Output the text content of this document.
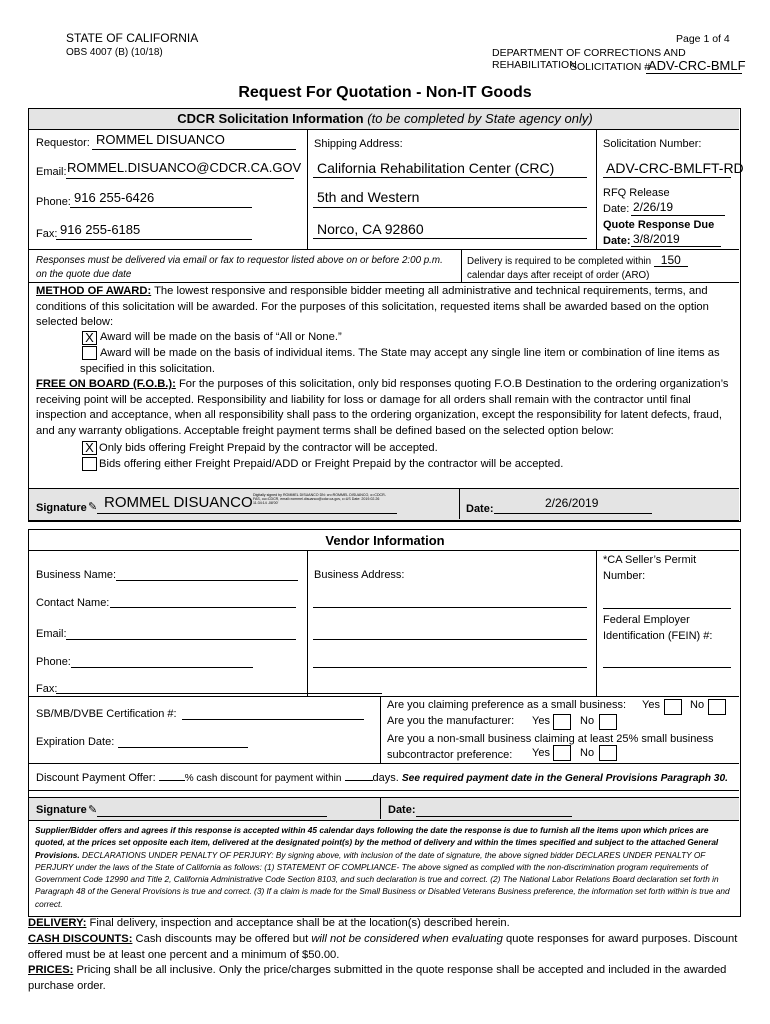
STATE OF CALIFORNIA
OBS 4007 (B) (10/18)
Page 1 of 4
DEPARTMENT OF CORRECTIONS AND REHABILITATION
SOLICITATION #
ADV-CRC-BMLF
Request For Quotation - Non-IT Goods
CDCR Solicitation Information (to be completed by State agency only)
Requestor: ROMMEL DISUANCO
Email: ROMMEL.DISUANCO@CDCR.CA.GOV
Phone: 916 255-6426
Fax: 916 255-6185
Shipping Address:
California Rehabilitation Center (CRC)
5th and Western
Norco, CA 92860
Solicitation Number:
ADV-CRC-BMLFT-RD
RFQ Release
Date: 2/26/19
Quote Response Due
Date: 3/8/2019
Responses must be delivered via email or fax to requestor listed above on or before 2:00 p.m. on the quote due date
Delivery is required to be completed within 150
calendar days after receipt of order (ARO)
METHOD OF AWARD: The lowest responsive and responsible bidder meeting all administrative and technical requirements, terms, and conditions of this solicitation will be awarded. For the purposes of this solicitation, requested items shall be awarded based on the option selected below:
X Award will be made on the basis of “All or None.”
Award will be made on the basis of individual items. The State may accept any single line item or combination of line items as specified in this solicitation.
FREE ON BOARD (F.O.B.): For the purposes of this solicitation, only bid responses quoting F.O.B Destination to the ordering organization’s receiving point will be accepted. Responsibility and liability for loss or damage for all orders shall remain with the contractor until final inspection and acceptance, when all responsibility shall pass to the ordering organization, except the responsibility for latent defects, fraud, and any warranty obligations. Acceptable freight payment terms shall be defined based on the selected option below:
X Only bids offering Freight Prepaid by the contractor will be accepted.
Bids offering either Freight Prepaid/ADD or Freight Prepaid by the contractor will be accepted.
Signature ✎ ROMMEL DISUANCO Digitally signed by ROMMEL DISUANCO DN: cn=ROMMEL DISUANCO, o=CDCR-FAS, ou=CDCR, email=rommel.disuanco@cdcr.ca.gov, c=US Date: 2019.02.26 11:34:14 -08'00'	Date:	2/26/2019
Vendor Information
Business Name:	Business Address:
*CA Seller’s Permit
Number:
Contact Name:
Federal Employer
Identification (FEIN) #:
Email:
Phone:
Fax:
SB/MB/DVBE Certification #:
Expiration Date:
Are you claiming preference as a small business: Yes	No
Are you the manufacturer: Yes	No
Are you a non-small business claiming at least 25% small business
subcontractor preference:	Yes	No
Discount Payment Offer:	% cash discount for payment within	days. See required payment date in the General Provisions Paragraph 30.
Signature ✎	Date:
Supplier/Bidder offers and agrees if this response is accepted within 45 calendar days following the date the response is due to furnish all the items upon which prices are quoted, at the prices set opposite each item, delivered at the designated point(s) by the method of delivery and within the times specified and subject to the attached General Provisions. DECLARATIONS UNDER PENALTY OF PERJURY: By signing above, with inclusion of the date of signature, the above signed bidder DECLARES UNDER PENALTY OF PERJURY under the laws of the State of California as follows: (1) STATEMENT OF COMPLIANCE- The above signed as complied with the non-discrimination program requirements of Government Code 12990 and Title 2, California Administrative Code Section 8103, and such declaration is true and correct. (2) The National Labor Relations Board declaration set forth in Paragraph 48 of the General Provisions is true and correct. (3) If a claim is made for the Small Business or Disabled Veterans Business preference, the information set forth within is true and correct.
DELIVERY: Final delivery, inspection and acceptance shall be at the location(s) described herein.
CASH DISCOUNTS: Cash discounts may be offered but will not be considered when evaluating quote responses for award purposes. Discount offered must be at least one percent and a minimum of $50.00.
PRICES: Pricing shall be all inclusive. Only the price/charges submitted in the quote response shall be accepted and included in the awarded purchase order.
